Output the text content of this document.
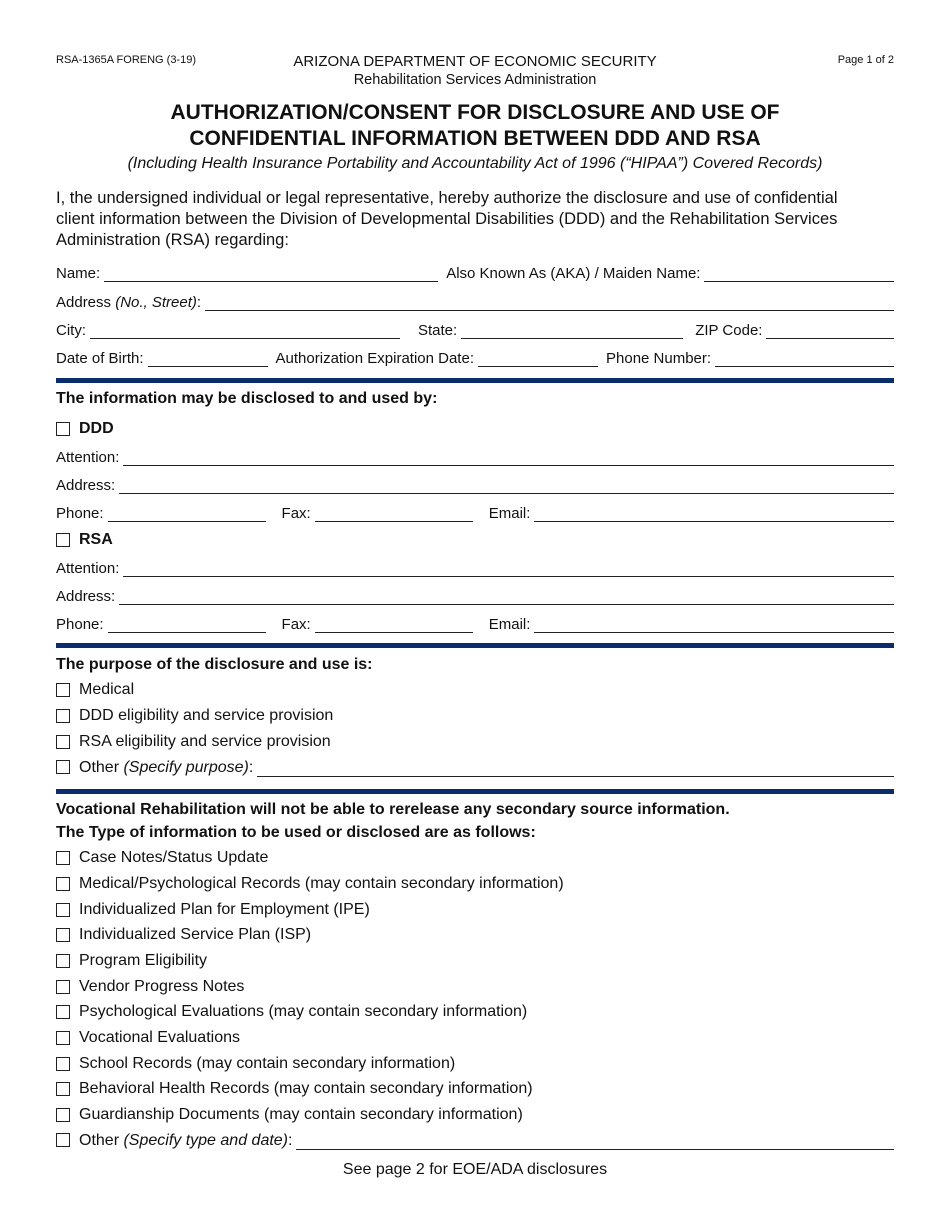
RSA-1365A FORENG (3-19)	ARIZONA DEPARTMENT OF ECONOMIC SECURITY
Rehabilitation Services Administration
Page 1 of 2
AUTHORIZATION/CONSENT FOR DISCLOSURE AND USE OF
CONFIDENTIAL INFORMATION BETWEEN DDD AND RSA
(Including Health Insurance Portability and Accountability Act of 1996 (“HIPAA”) Covered Records)
I, the undersigned individual or legal representative, hereby authorize the disclosure and use of confidential
client information between the Division of Developmental Disabilities (DDD) and the Rehabilitation Services
Administration (RSA) regarding:
Name:	Also Known As (AKA) / Maiden Name:
Address (No., Street):
City:	State:	ZIP Code:
Date of Birth:	Authorization Expiration Date:	Phone Number:
The information may be disclosed to and used by:
DDD
Attention:
Address:
Phone:	Fax:	Email:
RSA
Attention:
Address:
Phone:	Fax:	Email:
The purpose of the disclosure and use is:
Medical
DDD eligibility and service provision
RSA eligibility and service provision
Other (Specify purpose):
Vocational Rehabilitation will not be able to rerelease any secondary source information.
The Type of information to be used or disclosed are as follows:
Case Notes/Status Update
Medical/Psychological Records (may contain secondary information)
Individualized Plan for Employment (IPE)
Individualized Service Plan (ISP)
Program Eligibility
Vendor Progress Notes
Psychological Evaluations (may contain secondary information)
Vocational Evaluations
School Records (may contain secondary information)
Behavioral Health Records (may contain secondary information)
Guardianship Documents (may contain secondary information)
Other (Specify type and date):
See page 2 for EOE/ADA disclosures
